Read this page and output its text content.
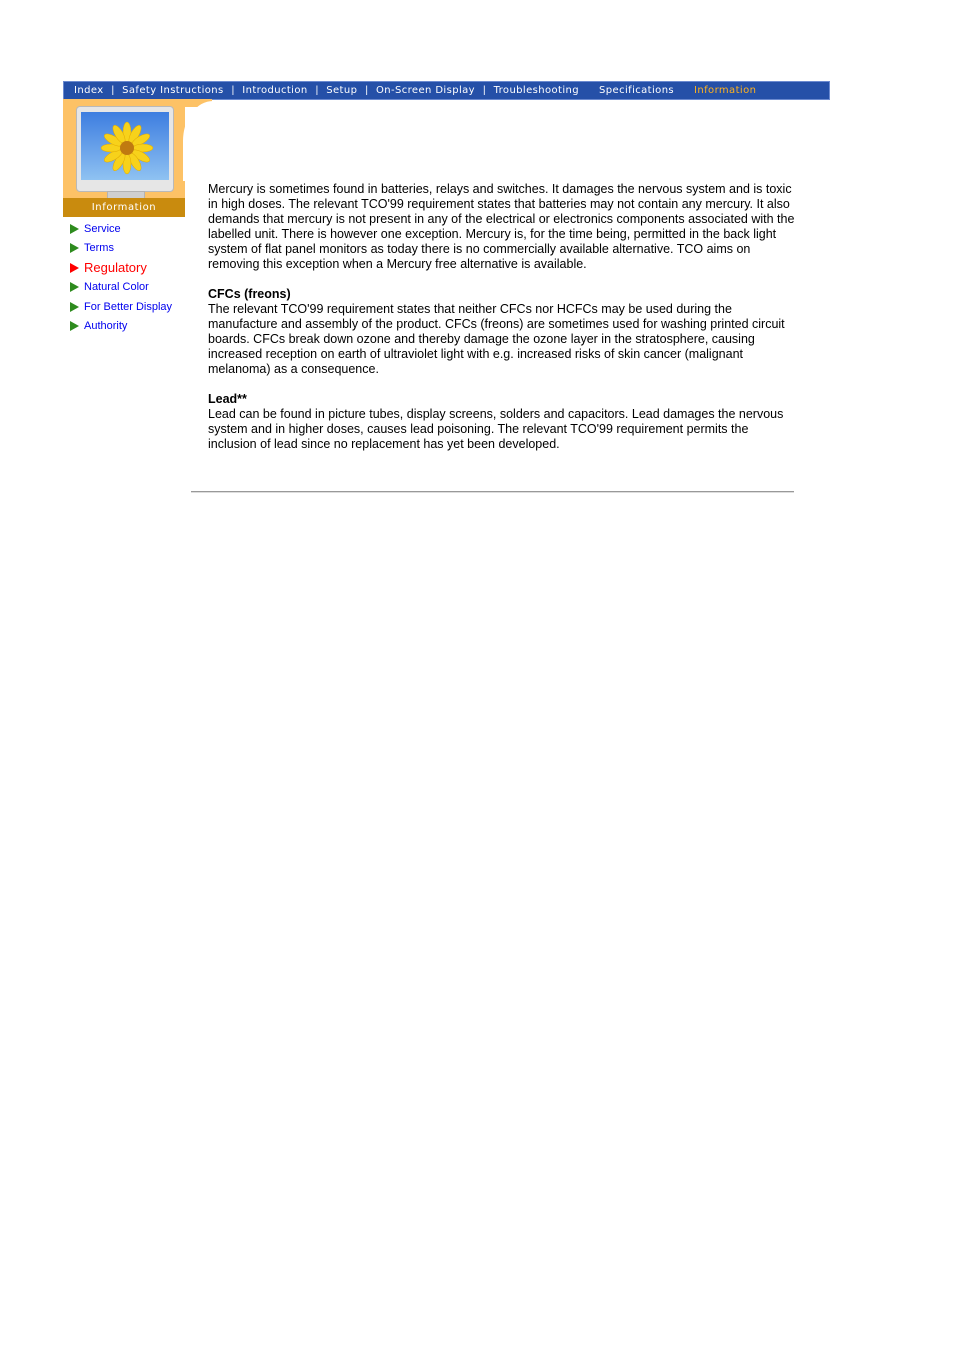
Index | Safety Instructions | Introduction | Setup | On-Screen Display | Troubleshooting Specifications Information
Information
Service
Terms
Regulatory
Natural Color
For Better Display
Authority

Mercury is sometimes found in batteries, relays and switches. It damages the nervous system and is toxic in high doses. The relevant TCO'99 requirement states that batteries may not contain any mercury. It also demands that mercury is not present in any of the electrical or electronics components associated with the labelled unit. There is however one exception. Mercury is, for the time being, permitted in the back light system of flat panel monitors as today there is no commercially available alternative. TCO aims on removing this exception when a Mercury free alternative is available.

CFCs (freons)
The relevant TCO'99 requirement states that neither CFCs nor HCFCs may be used during the manufacture and assembly of the product. CFCs (freons) are sometimes used for washing printed circuit boards. CFCs break down ozone and thereby damage the ozone layer in the stratosphere, causing increased reception on earth of ultraviolet light with e.g. increased risks of skin cancer (malignant melanoma) as a consequence.

Lead**
Lead can be found in picture tubes, display screens, solders and capacitors. Lead damages the nervous system and in higher doses, causes lead poisoning. The relevant TCO'99 requirement permits the inclusion of lead since no replacement has yet been developed.
